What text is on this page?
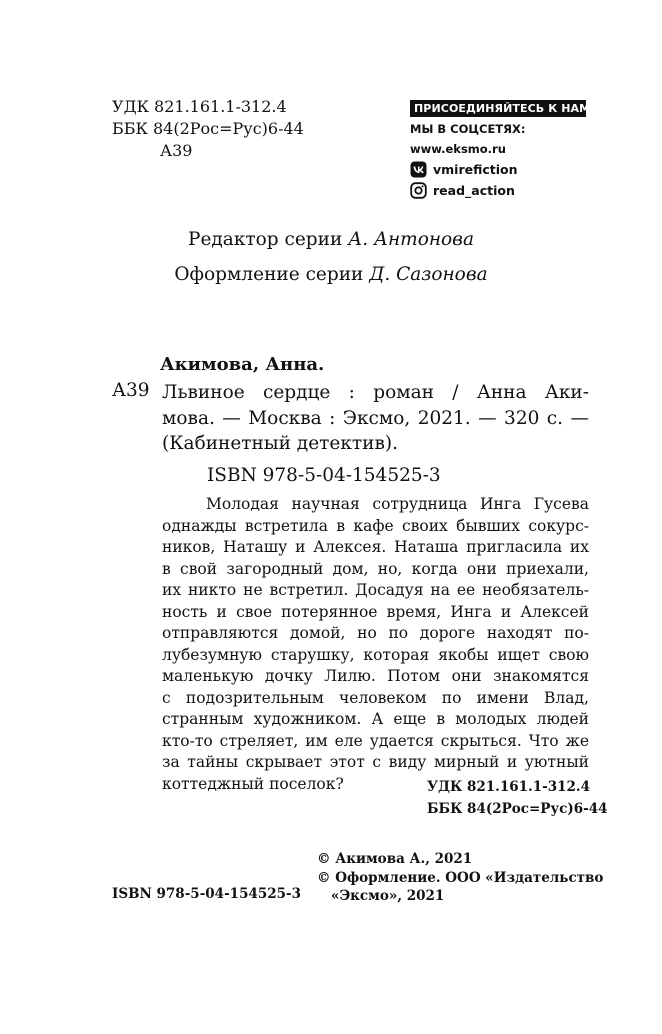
УДК 821.161.1-312.4
ББК 84(2Рос=Рус)6-44
А39
ПРИСОЕДИНЯЙТЕСЬ К НАМ!
МЫ В СОЦСЕТЯХ:
www.eksmo.ru
vmirefiction
read_action
Редактор серии А. Антонова
Оформление серии Д. Сазонова
Акимова, Анна.
А39 Львиное сердце : роман / Анна Аки-
мова. — Москва : Эксмо, 2021. — 320 с. —
(Кабинетный детектив).
ISBN 978-5-04-154525-3
Молодая научная сотрудница Инга Гусева
однажды встретила в кафе своих бывших сокурс-
ников, Наташу и Алексея. Наташа пригласила их
в свой загородный дом, но, когда они приехали,
их никто не встретил. Досадуя на ее необязатель-
ность и свое потерянное время, Инга и Алексей
отправляются домой, но по дороге находят по-
лубезумную старушку, которая якобы ищет свою
маленькую дочку Лилю. Потом они знакомятся
с подозрительным человеком по имени Влад,
странным художником. А еще в молодых людей
кто-то стреляет, им еле удается скрыться. Что же
за тайны скрывает этот с виду мирный и уютный
коттеджный поселок?	УДК 821.161.1-312.4
ББК 84(2Рос=Рус)6-44
© Акимова А., 2021
© Оформление. ООО «Издательство
«Эксмо», 2021
ISBN 978-5-04-154525-3
